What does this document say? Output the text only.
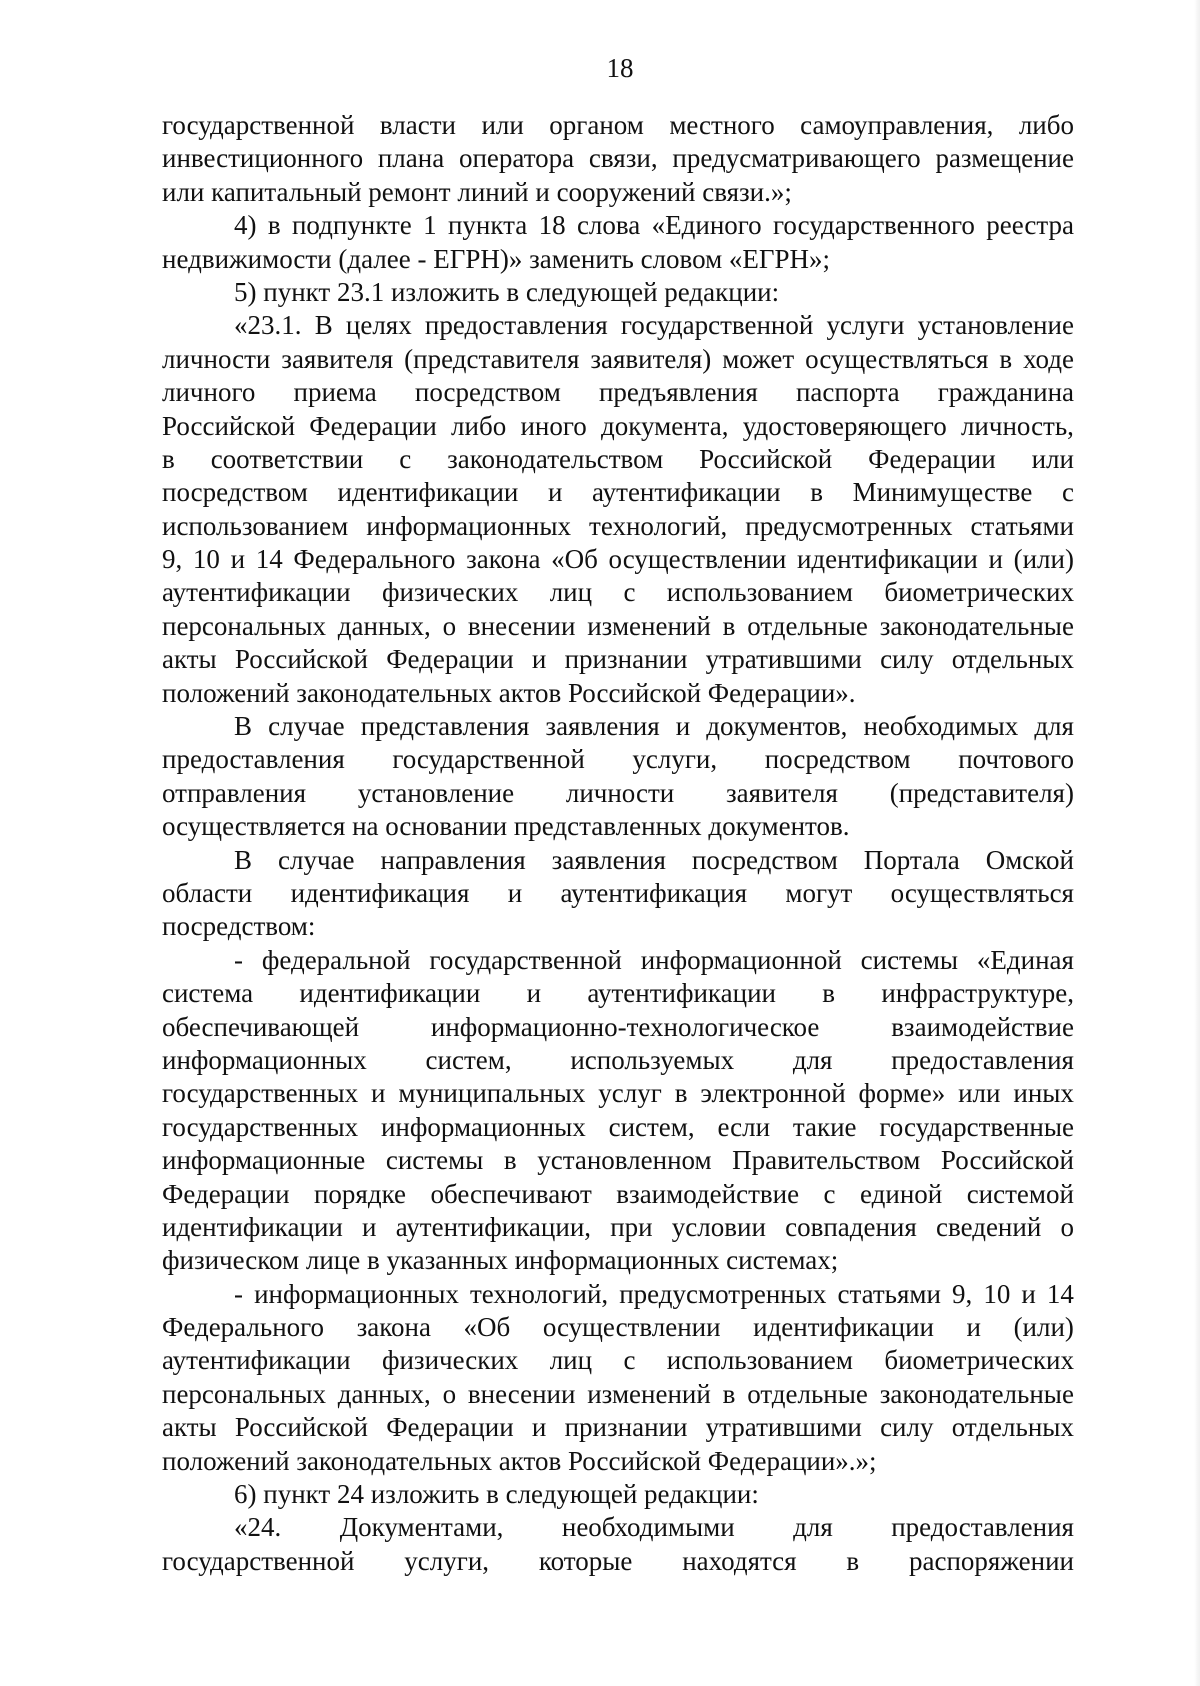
18
государственной власти или органом местного самоуправления, либо
инвестиционного плана оператора связи, предусматривающего размещение
или капитальный ремонт линий и сооружений связи.»;
4) в подпункте 1 пункта 18 слова «Единого государственного реестра
недвижимости (далее - ЕГРН)» заменить словом «ЕГРН»;
5) пункт 23.1 изложить в следующей редакции:
«23.1. В целях предоставления государственной услуги установление
личности заявителя (представителя заявителя) может осуществляться в ходе
личного приема посредством предъявления паспорта гражданина
Российской Федерации либо иного документа, удостоверяющего личность,
в соответствии с законодательством Российской Федерации или
посредством идентификации и аутентификации в Минимуществе с
использованием информационных технологий, предусмотренных статьями
9, 10 и 14 Федерального закона «Об осуществлении идентификации и (или)
аутентификации физических лиц с использованием биометрических
персональных данных, о внесении изменений в отдельные законодательные
акты Российской Федерации и признании утратившими силу отдельных
положений законодательных актов Российской Федерации».
В случае представления заявления и документов, необходимых для
предоставления государственной услуги, посредством почтового
отправления установление личности заявителя (представителя)
осуществляется на основании представленных документов.
В случае направления заявления посредством Портала Омской
области идентификация и аутентификация могут осуществляться
посредством:
- федеральной государственной информационной системы «Единая
система идентификации и аутентификации в инфраструктуре,
обеспечивающей	информационно-технологическое	взаимодействие
информационных систем, используемых для предоставления
государственных и муниципальных услуг в электронной форме» или иных
государственных информационных систем, если такие государственные
информационные системы в установленном Правительством Российской
Федерации порядке обеспечивают взаимодействие с единой системой
идентификации и аутентификации, при условии совпадения сведений о
физическом лице в указанных информационных системах;
- информационных технологий, предусмотренных статьями 9, 10 и 14
Федерального закона «Об осуществлении идентификации и (или)
аутентификации физических лиц с использованием биометрических
персональных данных, о внесении изменений в отдельные законодательные
акты Российской Федерации и признании утратившими силу отдельных
положений законодательных актов Российской Федерации».»;
6) пункт 24 изложить в следующей редакции:
«24. Документами, необходимыми для предоставления
государственной услуги, которые находятся в распоряжении
